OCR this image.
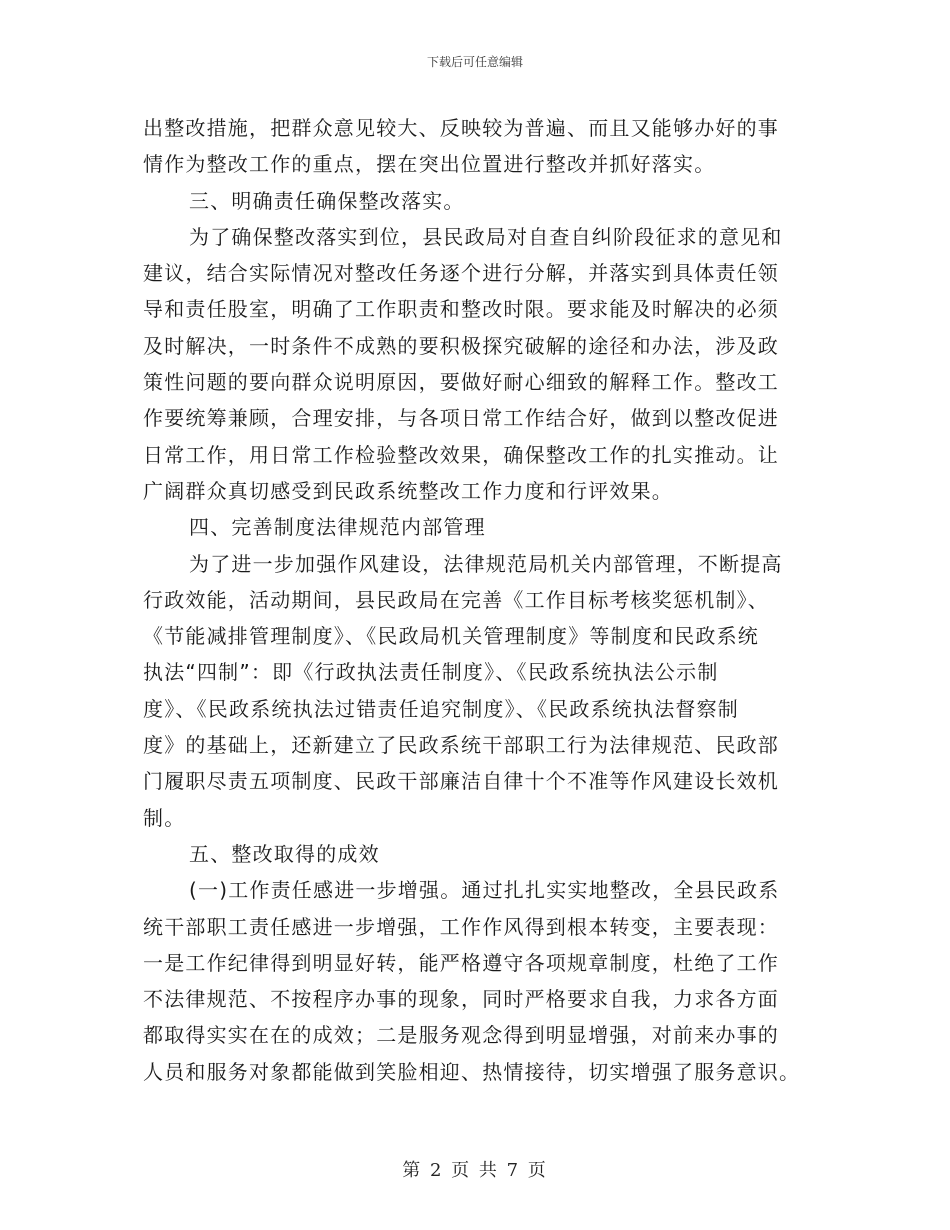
下载后可任意编辑
出整改措施，把群众意见较大、反映较为普遍、而且又能够办好的事
情作为整改工作的重点，摆在突出位置进行整改并抓好落实。
三、明确责任确保整改落实。
为了确保整改落实到位，县民政局对自查自纠阶段征求的意见和
建议，结合实际情况对整改任务逐个进行分解，并落实到具体责任领
导和责任股室，明确了工作职责和整改时限。要求能及时解决的必须
及时解决，一时条件不成熟的要积极探究破解的途径和办法，涉及政
策性问题的要向群众说明原因，要做好耐心细致的解释工作。整改工
作要统筹兼顾，合理安排，与各项日常工作结合好，做到以整改促进
日常工作，用日常工作检验整改效果，确保整改工作的扎实推动。让
广阔群众真切感受到民政系统整改工作力度和行评效果。
四、完善制度法律规范内部管理
为了进一步加强作风建设，法律规范局机关内部管理，不断提高
行政效能，活动期间，县民政局在完善《工作目标考核奖惩机制》、
《节能减排管理制度》、《民政局机关管理制度》等制度和民政系统
执法“四制”：即《行政执法责任制度》、《民政系统执法公示制
度》、《民政系统执法过错责任追究制度》、《民政系统执法督察制
度》的基础上，还新建立了民政系统干部职工行为法律规范、民政部
门履职尽责五项制度、民政干部廉洁自律十个不准等作风建设长效机
制。
五、整改取得的成效
(一)工作责任感进一步增强。通过扎扎实实地整改，全县民政系
统干部职工责任感进一步增强，工作作风得到根本转变，主要表现：
一是工作纪律得到明显好转，能严格遵守各项规章制度，杜绝了工作
不法律规范、不按程序办事的现象，同时严格要求自我，力求各方面
都取得实实在在的成效；二是服务观念得到明显增强，对前来办事的
人员和服务对象都能做到笑脸相迎、热情接待，切实增强了服务意识。
第 2 页 共 7 页
